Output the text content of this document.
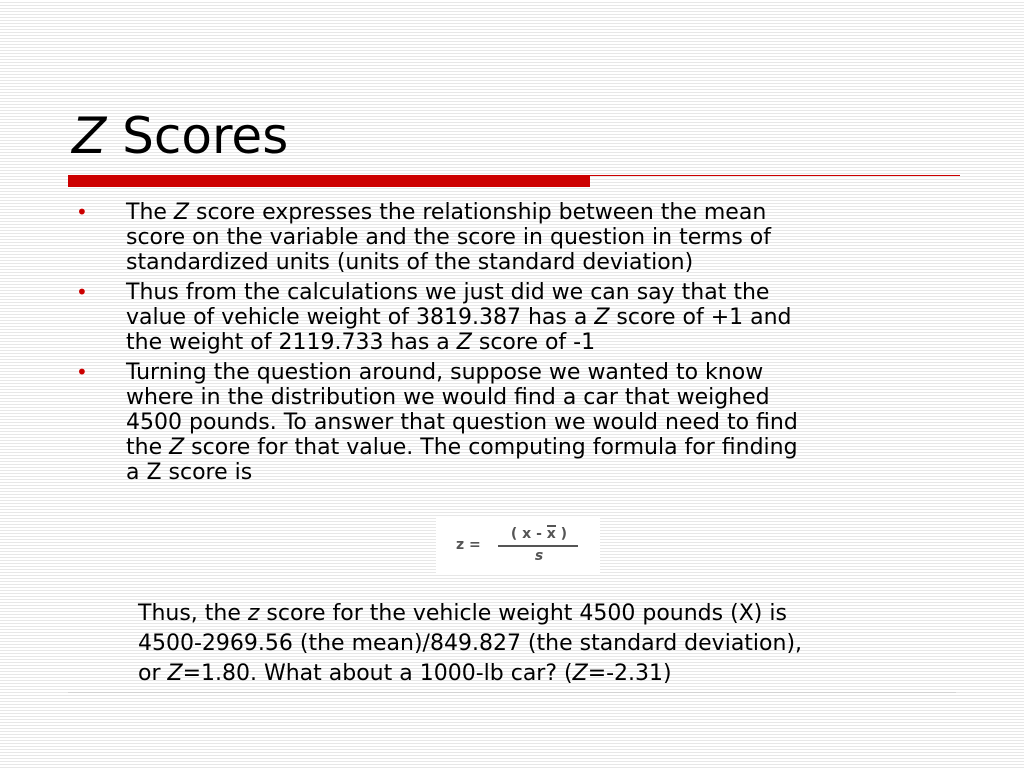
Z Scores
• The Z score expresses the relationship between the mean
score on the variable and the score in question in terms of
standardized units (units of the standard deviation)
• Thus from the calculations we just did we can say that the
value of vehicle weight of 3819.387 has a Z score of +1 and
the weight of 2119.733 has a Z score of -1
• Turning the question around, suppose we wanted to know
where in the distribution we would find a car that weighed
4500 pounds. To answer that question we would need to find
the Z score for that value. The computing formula for finding
a Z score is
z =
( x - x )
s

Thus, the z score for the vehicle weight 4500 pounds (X) is
4500-2969.56 (the mean)/849.827 (the standard deviation),
or Z=1.80. What about a 1000-lb car? (Z=-2.31)
